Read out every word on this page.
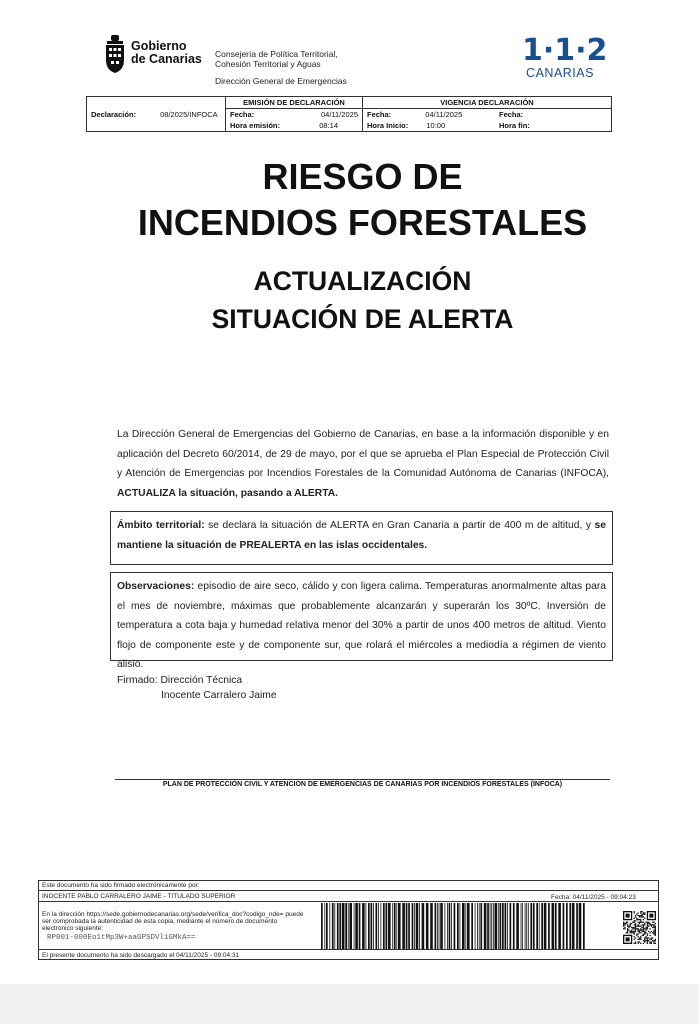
Gobierno
de Canarias Consejería de Política Territorial,
Cohesión Territorial y Aguas
Dirección General de Emergencias
1·1·2
CANARIAS
Declaración: 08/2025/INFOCA	EMISIÓN DE DECLARACIÓN	VIGENCIA DECLARACIÓN	
	Fecha: 04/11/2025	Fecha: 04/11/2025	Fecha:
	Hora emisión: 08:14	Hora Inicio: 10:00	Hora fin:
RIESGO DE
INCENDIOS FORESTALES
ACTUALIZACIÓN
SITUACIÓN DE ALERTA
La Dirección General de Emergencias del Gobierno de Canarias, en base a la información disponible y en aplicación del Decreto 60/2014, de 29 de mayo, por el que se aprueba el Plan Especial de Protección Civil y Atención de Emergencias por Incendios Forestales de la Comunidad Autónoma de Canarias (INFOCA), ACTUALIZA la situación, pasando a ALERTA.
Ámbito territorial: se declara la situación de ALERTA en Gran Canaria a partir de 400 m de altitud, y se mantiene la situación de PREALERTA en las islas occidentales.
Observaciones: episodio de aire seco, cálido y con ligera calima. Temperaturas anormalmente altas para el mes de noviembre, máximas que probablemente alcanzarán y superarán los 30ºC. Inversión de temperatura a cota baja y humedad relativa menor del 30% a partir de unos 400 metros de altitud. Viento flojo de componente este y de componente sur, que rolará el miércoles a mediodía a régimen de viento alisio.
Firmado: Dirección Técnica
Inocente Carralero Jaime
PLAN DE PROTECCIÓN CIVIL Y ATENCIÓN DE EMERGENCIAS DE CANARIAS POR INCENDIOS FORESTALES (INFOCA)
Este documento ha sido firmado electrónicamente por:
INOCENTE PABLO CARRALERO JAIME - TITULADO SUPERIOR	Fecha: 04/11/2025 - 09:04:23
En la dirección https://sede.gobiernodecanarias.org/sede/verifica_doc?codigo_nde= puede ser comprobada la autenticidad de esta copia, mediante el número de documento electrónico siguiente:
RP001-000Eo1tMp3W+aaGPSDVliGMkA==
El presente documento ha sido descargado el 04/11/2025 - 09:04:31
